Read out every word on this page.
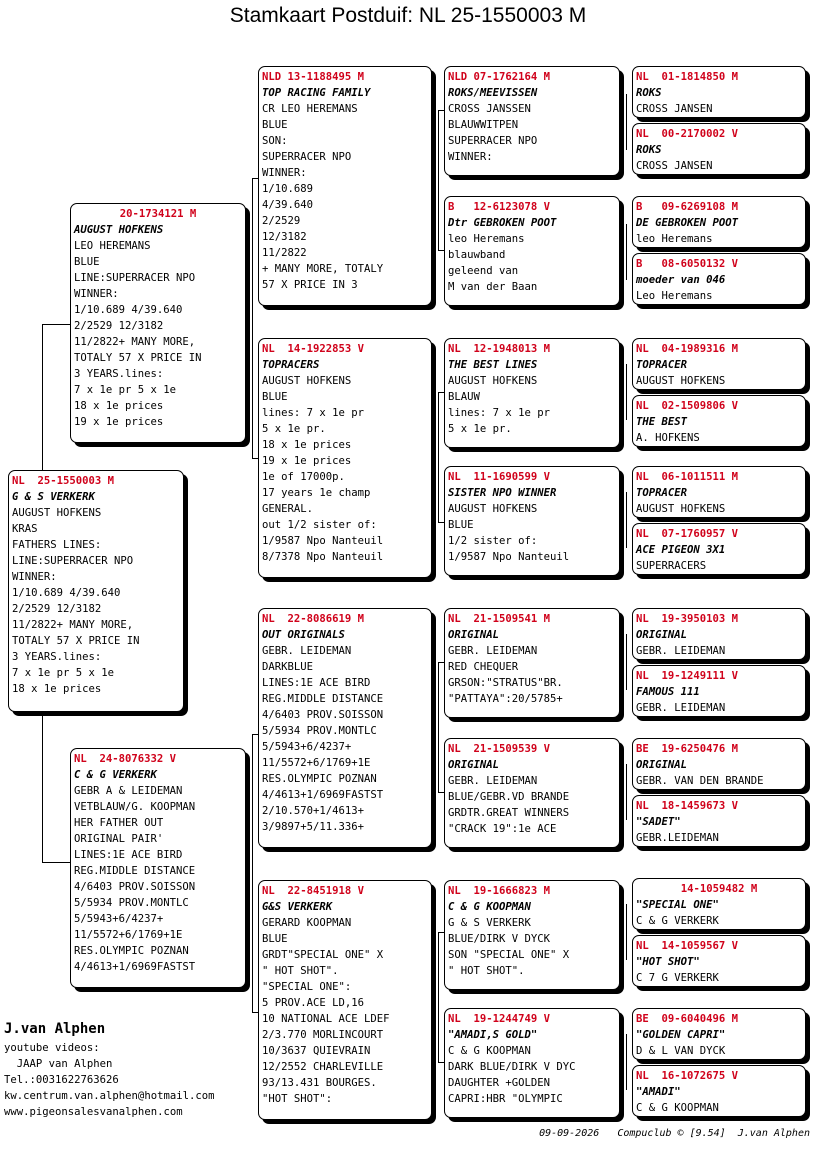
Stamkaart Postduif: NL 25-1550003 M
NL  25-1550003 M
G & S VERKERK
AUGUST HOFKENS
KRAS
FATHERS LINES:
LINE:SUPERRACER NPO
WINNER:
1/10.689 4/39.640
2/2529 12/3182
11/2822+ MANY MORE,
TOTALY 57 X PRICE IN
3 YEARS.lines:
7 x 1e pr 5 x 1e
18 x 1e prices
20-1734121 M
AUGUST HOFKENS
LEO HEREMANS
BLUE
LINE:SUPERRACER NPO
WINNER:
1/10.689 4/39.640
2/2529 12/3182
11/2822+ MANY MORE,
TOTALY 57 X PRICE IN
3 YEARS.lines:
7 x 1e pr 5 x 1e
18 x 1e prices
19 x 1e prices
NL  24-8076332 V
C & G VERKERK
GEBR A & LEIDEMAN
VETBLAUW/G. KOOPMAN
HER FATHER OUT
ORIGINAL PAIR'
LINES:1E ACE BIRD
REG.MIDDLE DISTANCE
4/6403 PROV.SOISSON
5/5934 PROV.MONTLC
5/5943+6/4237+
11/5572+6/1769+1E
RES.OLYMPIC POZNAN
4/4613+1/6969FASTST
NLD 13-1188495 M
TOP RACING FAMILY
CR LEO HEREMANS
BLUE
SON:
SUPERRACER NPO
WINNER:
1/10.689
4/39.640
2/2529
12/3182
11/2822
+ MANY MORE, TOTALY
57 X PRICE IN 3
NL  14-1922853 V
TOPRACERS
AUGUST HOFKENS
BLUE
lines: 7 x 1e pr
5 x 1e pr.
18 x 1e prices
19 x 1e prices
1e of 17000p.
17 years 1e champ
GENERAL.
out 1/2 sister of:
1/9587 Npo Nanteuil
8/7378 Npo Nanteuil
NL  22-8086619 M
OUT ORIGINALS
GEBR. LEIDEMAN
DARKBLUE
LINES:1E ACE BIRD
REG.MIDDLE DISTANCE
4/6403 PROV.SOISSON
5/5934 PROV.MONTLC
5/5943+6/4237+
11/5572+6/1769+1E
RES.OLYMPIC POZNAN
4/4613+1/6969FASTST
2/10.570+1/4613+
3/9897+5/11.336+
NL  22-8451918 V
G&S VERKERK
GERARD KOOPMAN
BLUE
GRDT"SPECIAL ONE" X
" HOT SHOT".
"SPECIAL ONE":
5 PROV.ACE LD,16
10 NATIONAL ACE LDEF
2/3.770 MORLINCOURT
10/3637 QUIEVRAIN
12/2552 CHARLEVILLE
93/13.431 BOURGES.
"HOT SHOT":
NLD 07-1762164 M
ROKS/MEEVISSEN
CROSS JANSSEN
BLAUWWITPEN
SUPERRACER NPO
WINNER:
B   12-6123078 V
Dtr GEBROKEN POOT
leo Heremans
blauwband
geleend van
M van der Baan
NL  12-1948013 M
THE BEST LINES
AUGUST HOFKENS
BLAUW
lines: 7 x 1e pr
5 x 1e pr.
NL  11-1690599 V
SISTER NPO WINNER
AUGUST HOFKENS
BLUE
1/2 sister of:
1/9587 Npo Nanteuil
NL  21-1509541 M
ORIGINAL
GEBR. LEIDEMAN
RED CHEQUER
GRSON:"STRATUS"BR.
"PATTAYA":20/5785+
NL  21-1509539 V
ORIGINAL
GEBR. LEIDEMAN
BLUE/GEBR.VD BRANDE
GRDTR.GREAT WINNERS
"CRACK 19":1e ACE
NL  19-1666823 M
C & G KOOPMAN
G & S VERKERK
BLUE/DIRK V DYCK
SON "SPECIAL ONE" X
" HOT SHOT".
NL  19-1244749 V
"AMADI,S GOLD"
C & G KOOPMAN
DARK BLUE/DIRK V DYC
DAUGHTER +GOLDEN
CAPRI:HBR "OLYMPIC
NL  01-1814850 M
ROKS
CROSS JANSEN
NL  00-2170002 V
ROKS
CROSS JANSEN
B   09-6269108 M
DE GEBROKEN POOT
leo Heremans
B   08-6050132 V
moeder van 046
Leo Heremans
NL  04-1989316 M
TOPRACER
AUGUST HOFKENS
NL  02-1509806 V
THE BEST
A. HOFKENS
NL  06-1011511 M
TOPRACER
AUGUST HOFKENS
NL  07-1760957 V
ACE PIGEON 3X1
SUPERRACERS
NL  19-3950103 M
ORIGINAL
GEBR. LEIDEMAN
NL  19-1249111 V
FAMOUS 111
GEBR. LEIDEMAN
BE  19-6250476 M
ORIGINAL
GEBR. VAN DEN BRANDE
NL  18-1459673 V
"SADET"
GEBR.LEIDEMAN
14-1059482 M
"SPECIAL ONE"
C & G VERKERK
NL  14-1059567 V
"HOT SHOT"
C 7 G VERKERK
BE  09-6040496 M
"GOLDEN CAPRI"
D & L VAN DYCK
NL  16-1072675 V
"AMADI"
C & G KOOPMAN
J.van Alphen
youtube videos:
JAAP van Alphen
Tel.:0031622763626
kw.centrum.van.alphen@hotmail.com
www.pigeonsalesvanalphen.com
09-09-2026   Compuclub © [9.54]  J.van Alphen
